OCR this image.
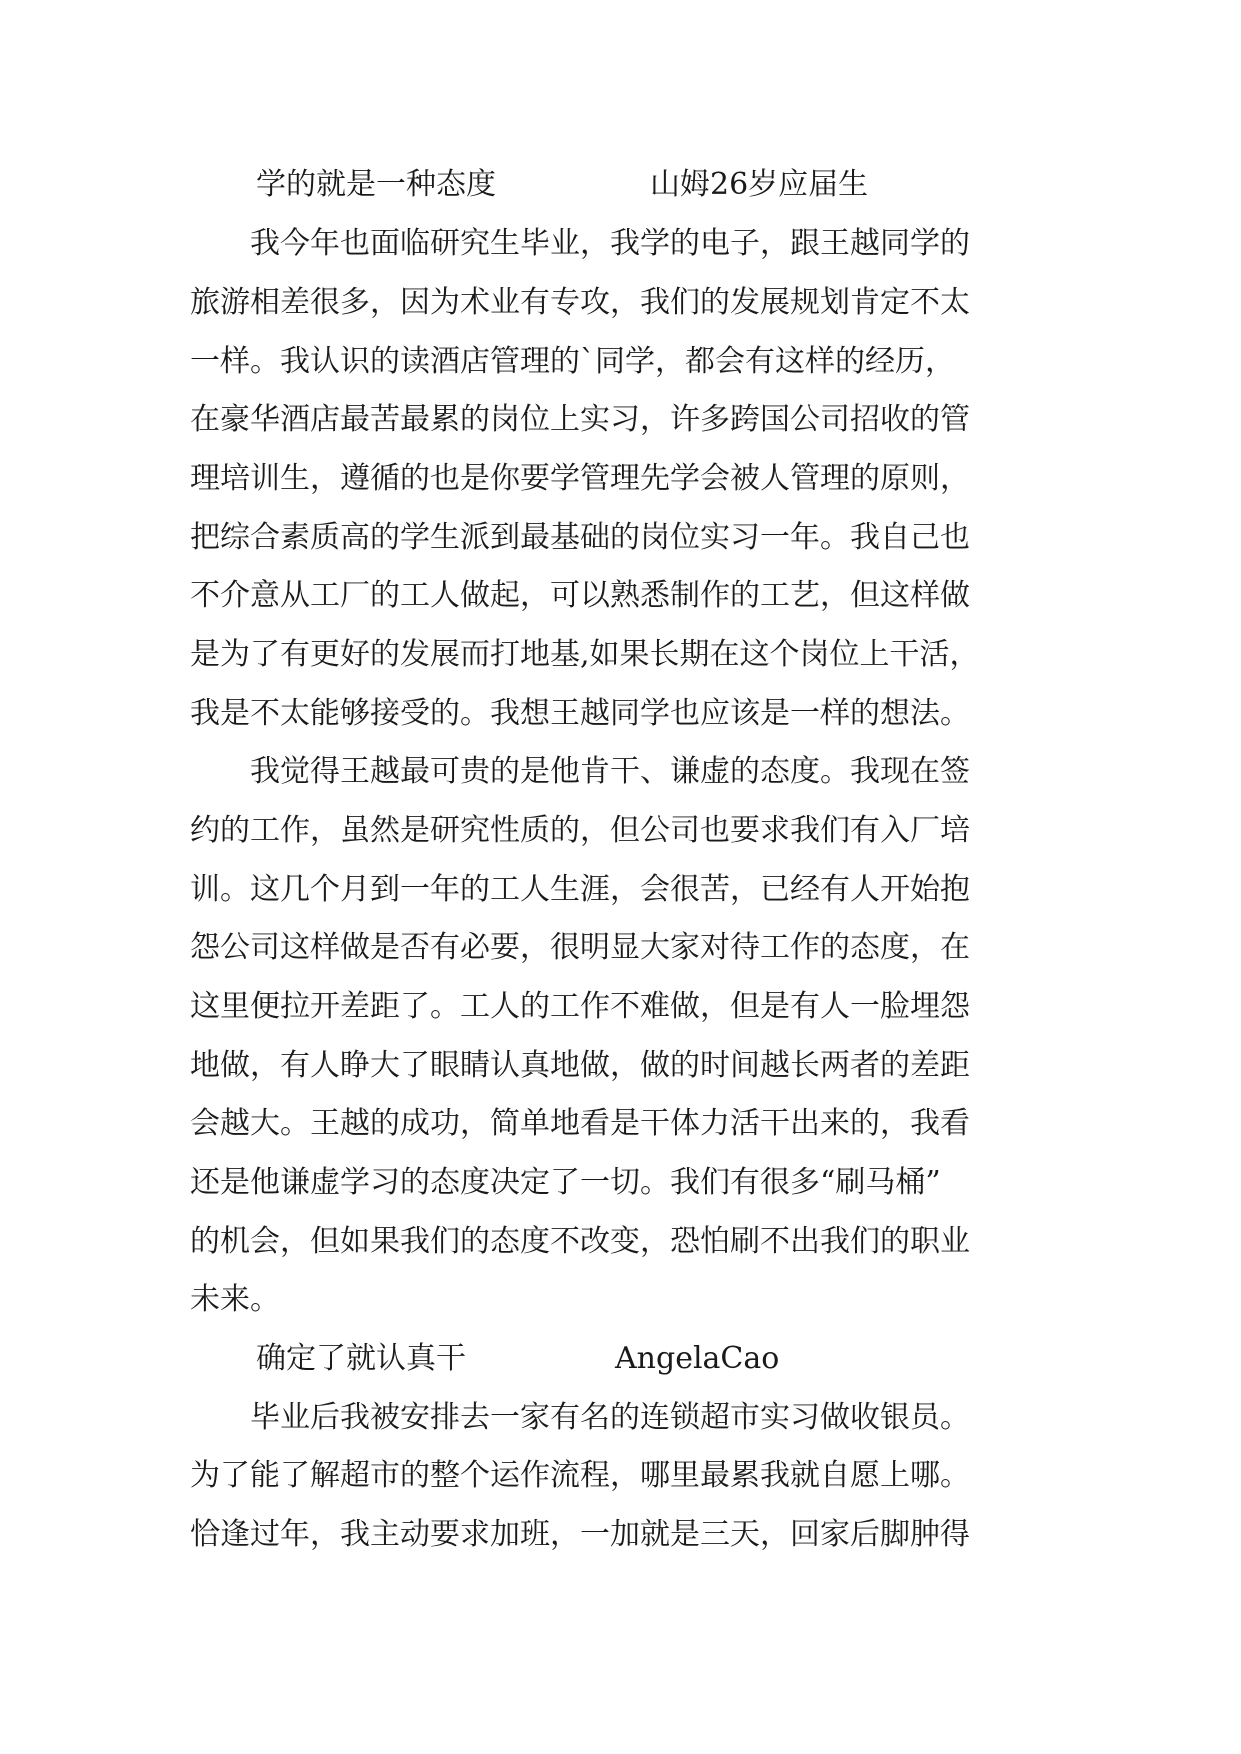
学的就是一种态度	山姆26岁应届生
　　我今年也面临研究生毕业，我学的电子，跟王越同学的
旅游相差很多，因为术业有专攻，我们的发展规划肯定不太
一样。我认识的读酒店管理的`同学，都会有这样的经历，
在豪华酒店最苦最累的岗位上实习，许多跨国公司招收的管
理培训生，遵循的也是你要学管理先学会被人管理的原则，
把综合素质高的学生派到最基础的岗位实习一年。我自己也
不介意从工厂的工人做起，可以熟悉制作的工艺，但这样做
是为了有更好的发展而打地基,如果长期在这个岗位上干活，
我是不太能够接受的。我想王越同学也应该是一样的想法。
　　我觉得王越最可贵的是他肯干、谦虚的态度。我现在签
约的工作，虽然是研究性质的，但公司也要求我们有入厂培
训。这几个月到一年的工人生涯，会很苦，已经有人开始抱
怨公司这样做是否有必要，很明显大家对待工作的态度，在
这里便拉开差距了。工人的工作不难做，但是有人一脸埋怨
地做，有人睁大了眼睛认真地做，做的时间越长两者的差距
会越大。王越的成功，简单地看是干体力活干出来的，我看
还是他谦虚学习的态度决定了一切。我们有很多“刷马桶”
的机会，但如果我们的态度不改变，恐怕刷不出我们的职业
未来。
确定了就认真干	AngelaCao
　　毕业后我被安排去一家有名的连锁超市实习做收银员。
为了能了解超市的整个运作流程，哪里最累我就自愿上哪。
恰逢过年，我主动要求加班，一加就是三天，回家后脚肿得
